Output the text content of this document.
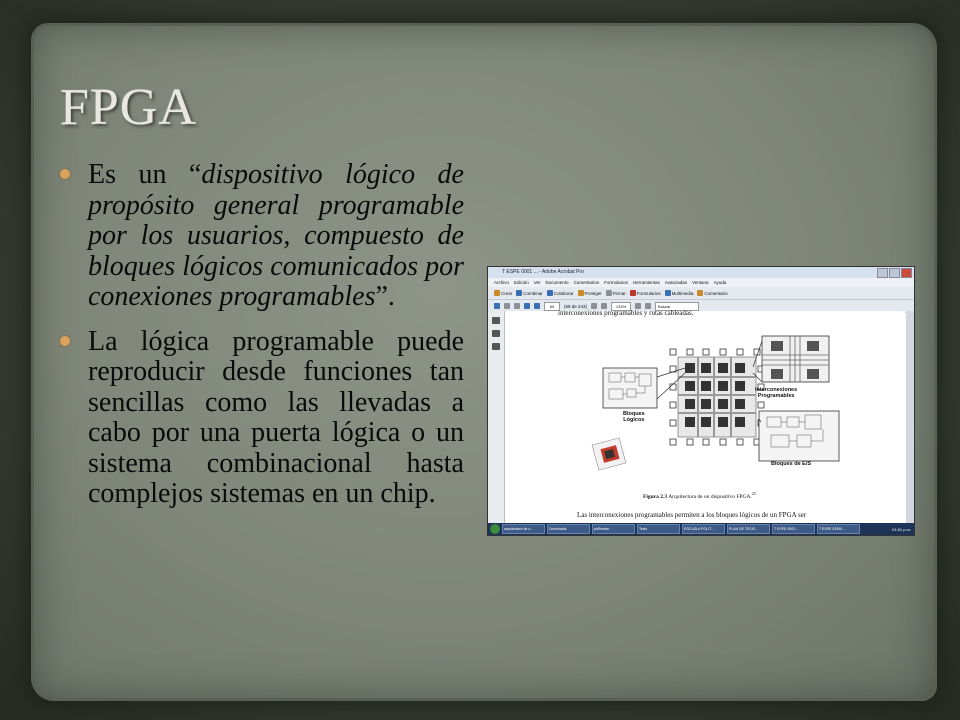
FPGA
Es un “dispositivo lógico de propósito general programable por los usuarios, compuesto de bloques lógicos comunicados por conexiones programables”.
La lógica programable puede reproducir desde funciones tan sencillas como las llevadas a cabo por una puerta lógica o un sistema combinacional hasta complejos sistemas en un chip.
T ESPE 0001 ... - Adobe Acrobat Pro
Archivo Edición Ver Documento Comentarios Formularios Herramientas Avanzadas Ventana Ayuda
Crear Combinar Colaborar Proteger Firmar Formularios Multimedia Comentario
69	(69 de 243)	133%	Buscar
interconexiones programables y rutas cableadas.
Interconexiones
Programables
Bloques
Lógicos
Bloques de E/S
Figura 2.3 Arquitectura de un dispositivo FPGA.$^{25}$
Las interconexiones programables permiten a los bloques lógicos de un FPGA ser
arquitectura de u...	Downloads	phReader	Tesis	ESCUELA POLIT...	PLAN DE TESIS...	T ESPE 0001...	T ESPE 03390...	01:51 p.m.
